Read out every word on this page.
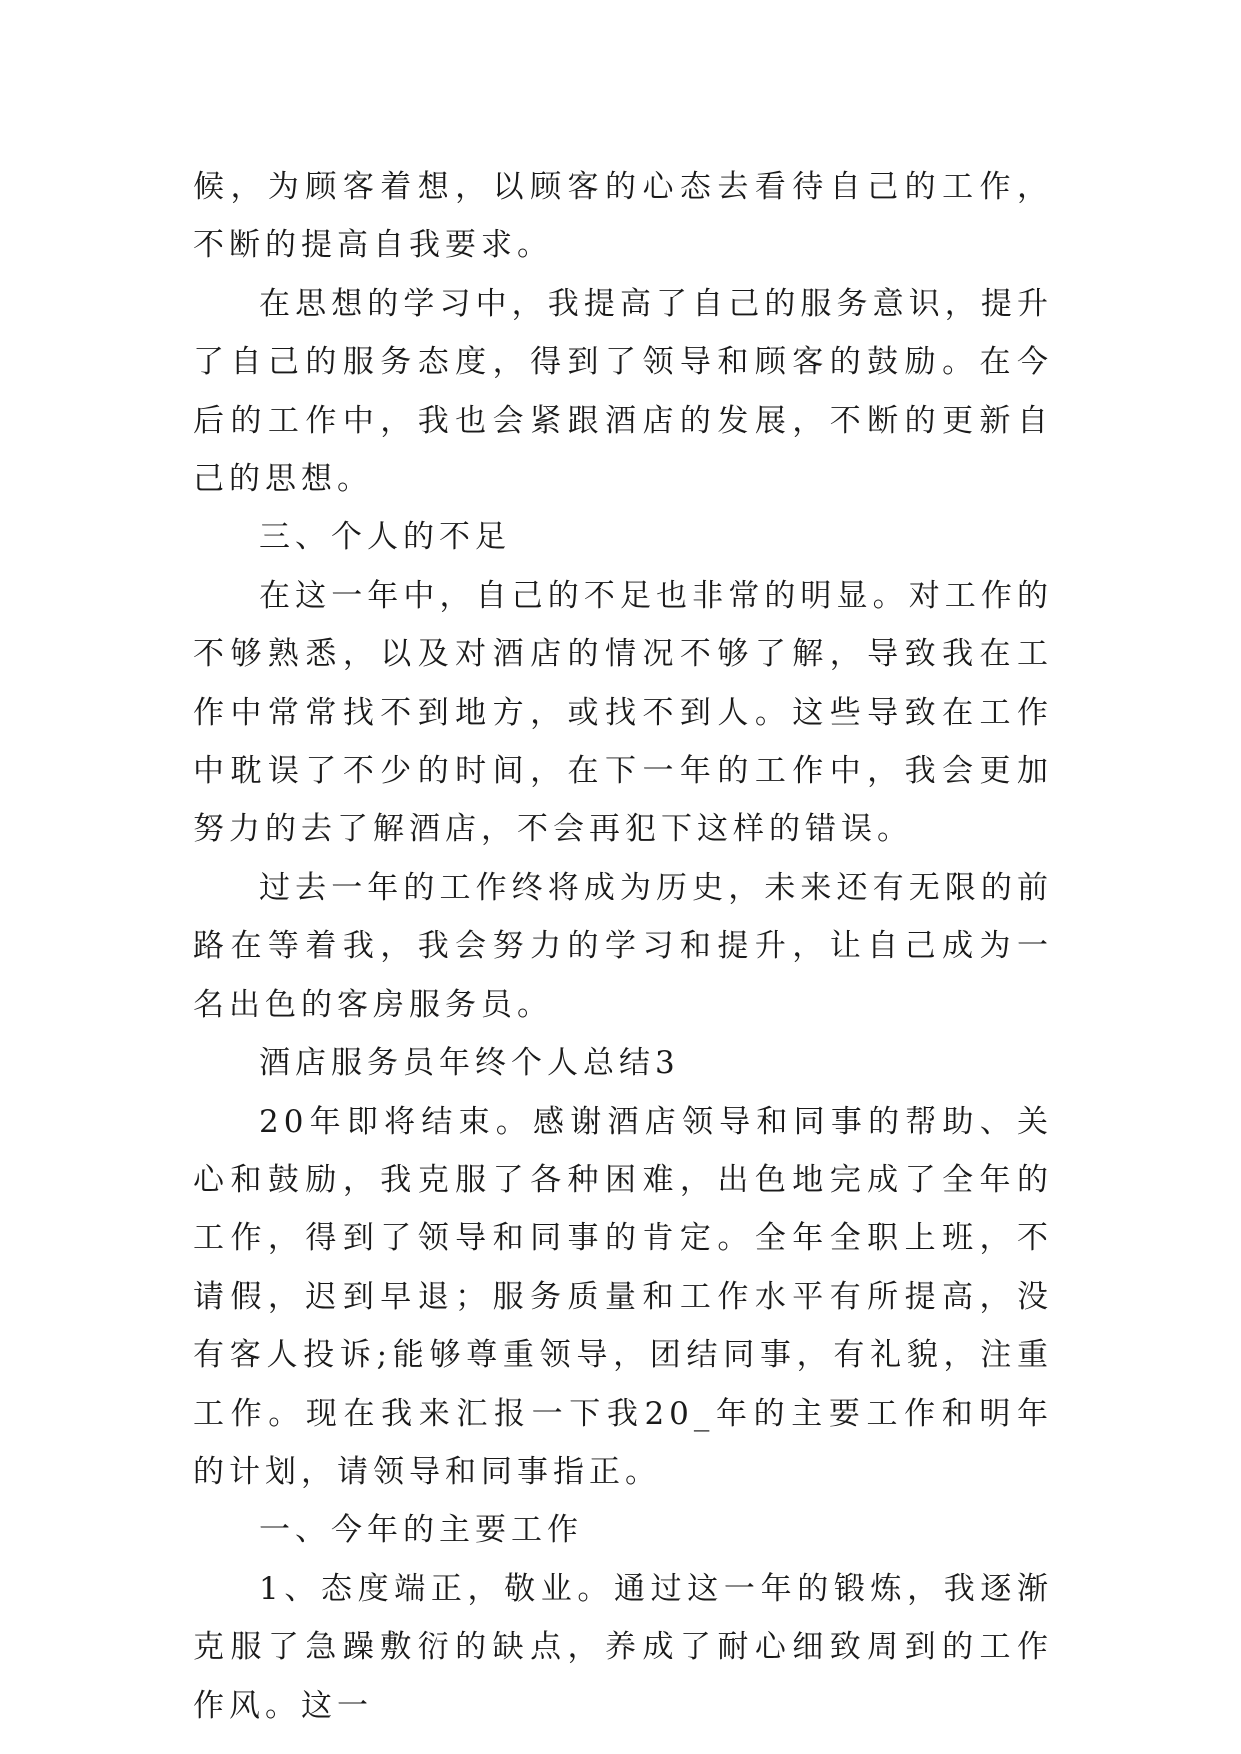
候，为顾客着想，以顾客的心态去看待自己的工作，不断的提高自我要求。

在思想的学习中，我提高了自己的服务意识，提升了自己的服务态度，得到了领导和顾客的鼓励。在今后的工作中，我也会紧跟酒店的发展，不断的更新自己的思想。

三、个人的不足

在这一年中，自己的不足也非常的明显。对工作的不够熟悉，以及对酒店的情况不够了解，导致我在工作中常常找不到地方，或找不到人。这些导致在工作中耽误了不少的时间，在下一年的工作中，我会更加努力的去了解酒店，不会再犯下这样的错误。

过去一年的工作终将成为历史，未来还有无限的前路在等着我，我会努力的学习和提升，让自己成为一名出色的客房服务员。

酒店服务员年终个人总结3

20年即将结束。感谢酒店领导和同事的帮助、关心和鼓励，我克服了各种困难，出色地完成了全年的工作，得到了领导和同事的肯定。全年全职上班，不请假，迟到早退；服务质量和工作水平有所提高，没有客人投诉;能够尊重领导，团结同事，有礼貌，注重工作。现在我来汇报一下我20_年的主要工作和明年的计划，请领导和同事指正。

一、今年的主要工作

1、态度端正，敬业。通过这一年的锻炼，我逐渐克服了急躁敷衍的缺点，养成了耐心细致周到的工作作风。这一
